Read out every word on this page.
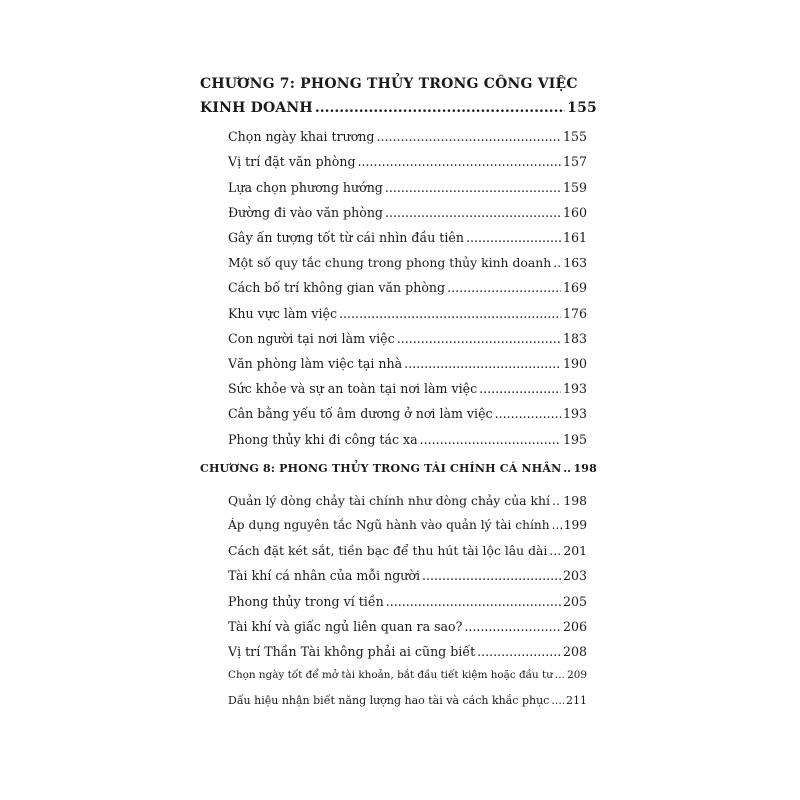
CHƯƠNG 7: PHONG THỦY TRONG CÔNG VIỆC
KINH DOANH .....	155
Chọn ngày khai trương .....	155
Vị trí đặt văn phòng .....	157
Lựa chọn phương hướng .....	159
Đường đi vào văn phòng .....	160
Gây ấn tượng tốt từ cái nhìn đầu tiên .....	161
Một số quy tắc chung trong phong thủy kinh doanh ..... 163
Cách bố trí không gian văn phòng .....	169
Khu vực làm việc .....	176
Con người tại nơi làm việc .....	183
Văn phòng làm việc tại nhà .....	190
Sức khỏe và sự an toàn tại nơi làm việc .....	193
Cân bằng yếu tố âm dương ở nơi làm việc .....	193
Phong thủy khi đi công tác xa .....	195
CHƯƠNG 8: PHONG THỦY TRONG TÀI CHÍNH CÁ NHÂN ..... 198
Quản lý dòng chảy tài chính như dòng chảy của khí ..... 198
Áp dụng nguyên tắc Ngũ hành vào quản lý tài chính ..... 199
Cách đặt két sắt, tiền bạc để thu hút tài lộc lâu dài ..... 201
Tài khí cá nhân của mỗi người .....	203
Phong thủy trong ví tiền .....	205
Tài khí và giấc ngủ liên quan ra sao? .....	206
Vị trí Thần Tài không phải ai cũng biết .....	208
Chọn ngày tốt để mở tài khoản, bắt đầu tiết kiệm hoặc đầu tư ..... 209
Dấu hiệu nhận biết năng lượng hao tài và cách khắc phục ..... 211
